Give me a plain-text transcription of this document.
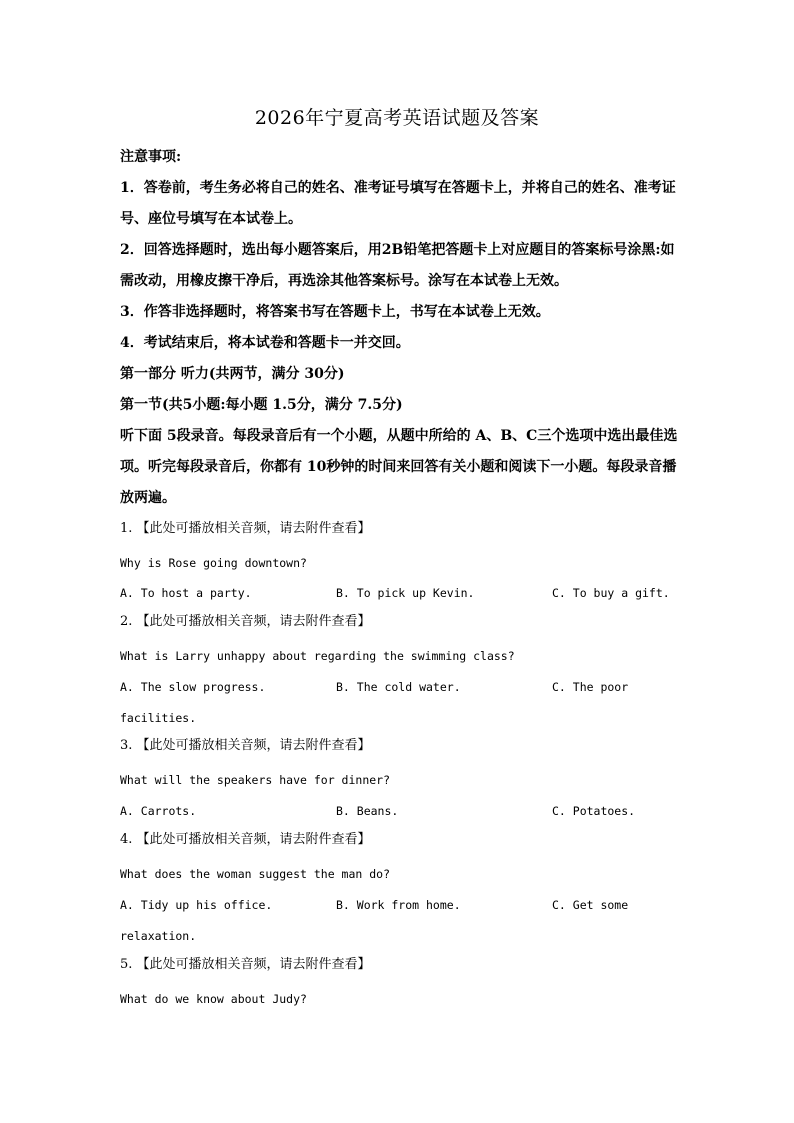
2026年宁夏高考英语试题及答案
注意事项:
1．答卷前，考生务必将自己的姓名、准考证号填写在答题卡上，并将自己的姓名、准考证
号、座位号填写在本试卷上。
2．回答选择题时，选出每小题答案后，用2B铅笔把答题卡上对应题目的答案标号涂黑:如
需改动，用橡皮擦干净后，再选涂其他答案标号。涂写在本试卷上无效。
3．作答非选择题时，将答案书写在答题卡上，书写在本试卷上无效。
4．考试结束后，将本试卷和答题卡一并交回。
第一部分 听力(共两节，满分 30分)
第一节(共5小题:每小题 1.5分，满分 7.5分)
听下面 5段录音。每段录音后有一个小题，从题中所给的 A、B、C三个选项中选出最佳选
项。听完每段录音后，你都有 10秒钟的时间来回答有关小题和阅读下一小题。每段录音播
放两遍。
1. 【此处可播放相关音频，请去附件查看】
Why is Rose going downtown?
A. To host a party.	B. To pick up Kevin.	C. To buy a gift.
2. 【此处可播放相关音频，请去附件查看】
What is Larry unhappy about regarding the swimming class?
A. The slow progress.	B. The cold water.	C. The poor
facilities.
3. 【此处可播放相关音频，请去附件查看】
What will the speakers have for dinner?
A. Carrots.	B. Beans.	C. Potatoes.
4. 【此处可播放相关音频，请去附件查看】
What does the woman suggest the man do?
A. Tidy up his office.	B. Work from home.	C. Get some
relaxation.
5. 【此处可播放相关音频，请去附件查看】
What do we know about Judy?
